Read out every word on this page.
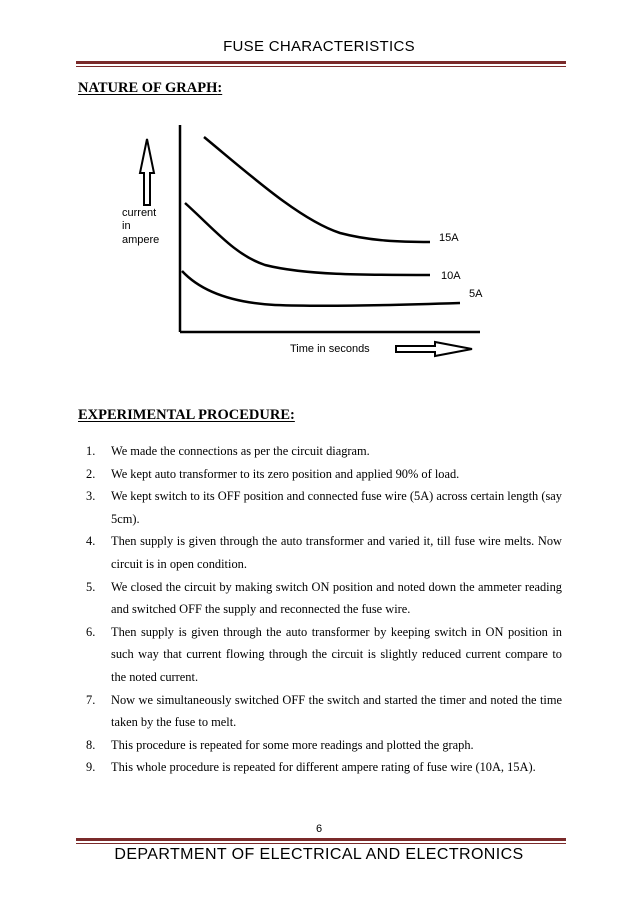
FUSE CHARACTERISTICS
NATURE OF GRAPH:
current
in
ampere	15A
10A
5A
Time in seconds
EXPERIMENTAL PROCEDURE:
1. We made the connections as per the circuit diagram.
2. We kept auto transformer to its zero position and applied 90% of load.
3. We kept switch to its OFF position and connected fuse wire (5A) across certain length (say 5cm).
4. Then supply is given through the auto transformer and varied it, till fuse wire melts. Now circuit is in open condition.
5. We closed the circuit by making switch ON position and noted down the ammeter reading and switched OFF the supply and reconnected the fuse wire.
6. Then supply is given through the auto transformer by keeping switch in ON position in such way that current flowing through the circuit is slightly reduced current compare to the noted current.
7. Now we simultaneously switched OFF the switch and started the timer and noted the time taken by the fuse to melt.
8. This procedure is repeated for some more readings and plotted the graph.
9. This whole procedure is repeated for different ampere rating of fuse wire (10A, 15A).
6
DEPARTMENT OF ELECTRICAL AND ELECTRONICS
